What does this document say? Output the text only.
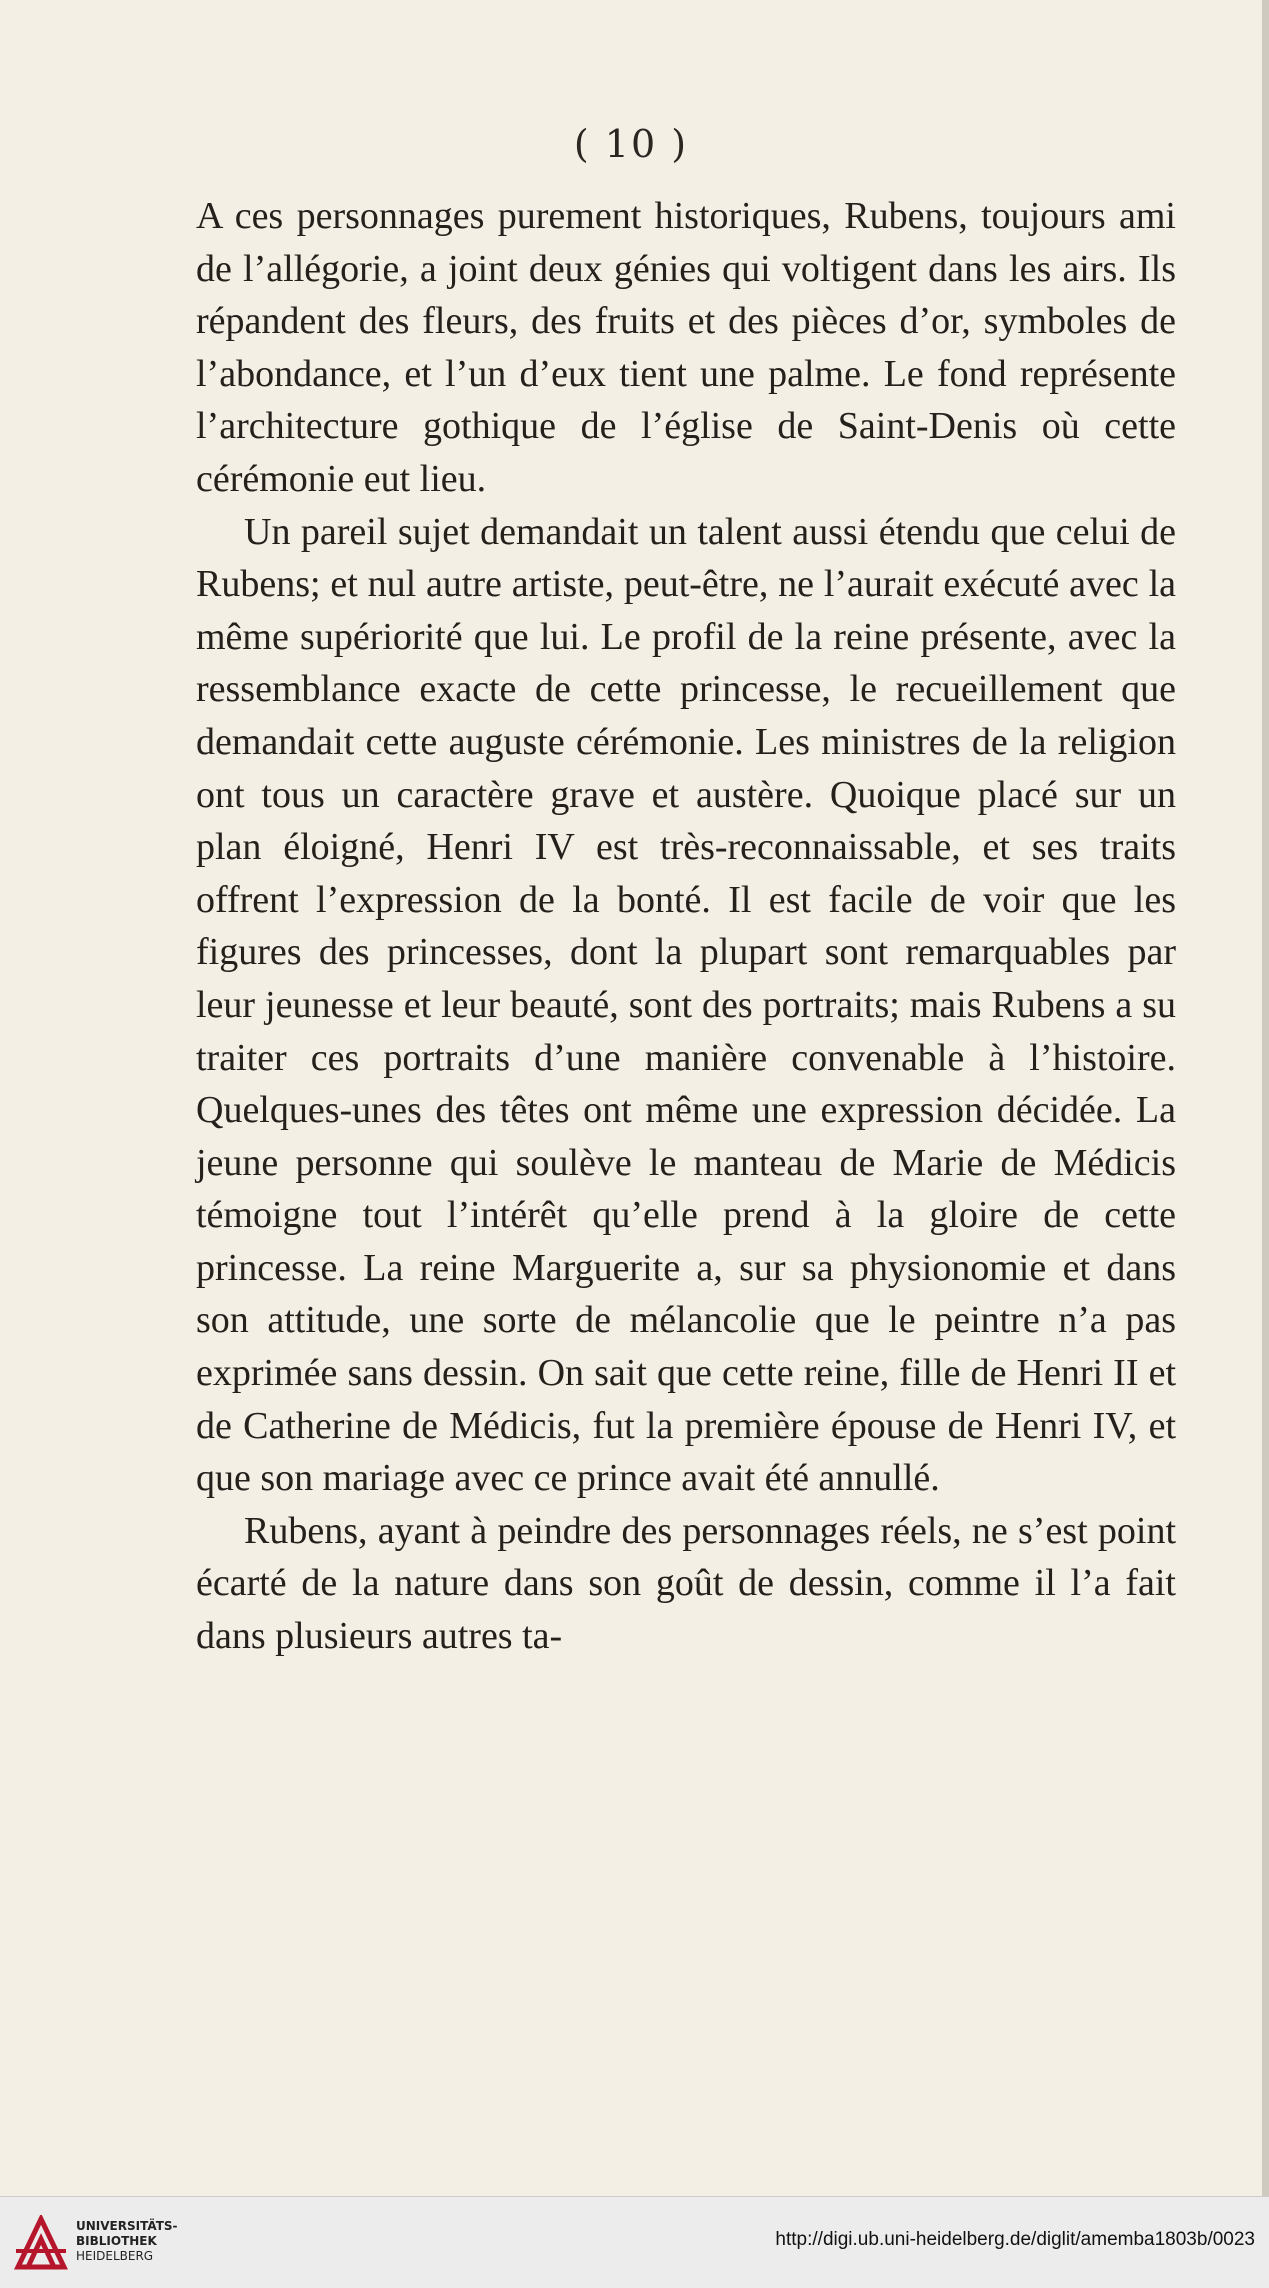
( 10 )

A ces personnages purement historiques, Rubens, toujours ami de l’allégorie, a joint deux génies qui voltigent dans les airs. Ils répandent des fleurs, des fruits et des pièces d’or, symboles de l’abondance, et l’un d’eux tient une palme. Le fond représente l’architecture gothique de l’église de Saint-Denis où cette cérémonie eut lieu.

Un pareil sujet demandait un talent aussi étendu que celui de Rubens; et nul autre artiste, peut-être, ne l’aurait exécuté avec la même supériorité que lui. Le profil de la reine présente, avec la ressemblance exacte de cette princesse, le recueillement que demandait cette auguste cérémonie. Les ministres de la religion ont tous un caractère grave et austère. Quoique placé sur un plan éloigné, Henri IV est très-reconnaissable, et ses traits offrent l’expression de la bonté. Il est facile de voir que les figures des princesses, dont la plupart sont remarquables par leur jeunesse et leur beauté, sont des portraits; mais Rubens a su traiter ces portraits d’une manière convenable à l’histoire. Quelques-unes des têtes ont même une expression décidée. La jeune personne qui soulève le manteau de Marie de Médicis témoigne tout l’intérêt qu’elle prend à la gloire de cette princesse. La reine Marguerite a, sur sa physionomie et dans son attitude, une sorte de mélancolie que le peintre n’a pas exprimée sans dessin. On sait que cette reine, fille de Henri II et de Catherine de Médicis, fut la première épouse de Henri IV, et que son mariage avec ce prince avait été annullé.

Rubens, ayant à peindre des personnages réels, ne s’est point écarté de la nature dans son goût de dessin, comme il l’a fait dans plusieurs autres ta-

UNIVERSITÄTS-
BIBLIOTHEK
HEIDELBERG
http://digi.ub.uni-heidelberg.de/diglit/amemba1803b/0023
